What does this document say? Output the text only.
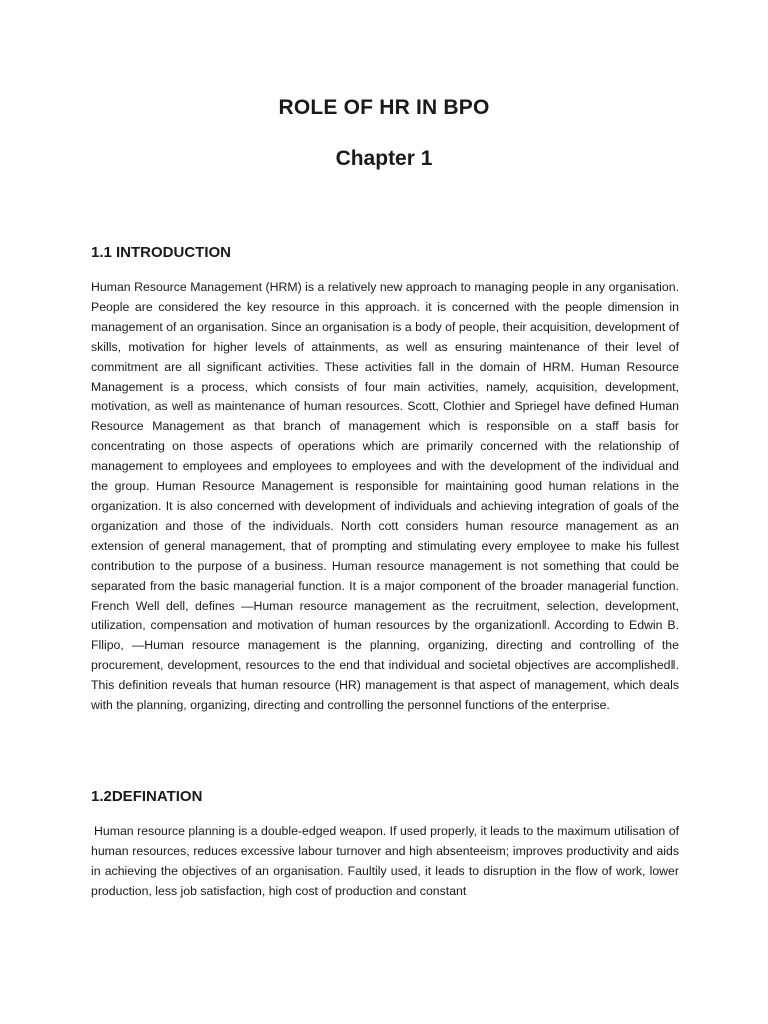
ROLE OF HR IN BPO
Chapter 1
1.1 INTRODUCTION

Human Resource Management (HRM) is a relatively new approach to managing people in any organisation. People are considered the key resource in this approach. it is concerned with the people dimension in management of an organisation. Since an organisation is a body of people, their acquisition, development of skills, motivation for higher levels of attainments, as well as ensuring maintenance of their level of commitment are all significant activities. These activities fall in the domain of HRM. Human Resource Management is a process, which consists of four main activities, namely, acquisition, development, motivation, as well as maintenance of human resources. Scott, Clothier and Spriegel have defined Human Resource Management as that branch of management which is responsible on a staff basis for concentrating on those aspects of operations which are primarily concerned with the relationship of management to employees and employees to employees and with the development of the individual and the group. Human Resource Management is responsible for maintaining good human relations in the organization. It is also concerned with development of individuals and achieving integration of goals of the organization and those of the individuals. North cott considers human resource management as an extension of general management, that of prompting and stimulating every employee to make his fullest contribution to the purpose of a business. Human resource management is not something that could be separated from the basic managerial function. It is a major component of the broader managerial function. French Well dell, defines —Human resource management as the recruitment, selection, development, utilization, compensation and motivation of human resources by the organization‖. According to Edwin B. Fllipo, —Human resource management is the planning, organizing, directing and controlling of the procurement, development, resources to the end that individual and societal objectives are accomplished‖. This definition reveals that human resource (HR) management is that aspect of management, which deals with the planning, organizing, directing and controlling the personnel functions of the enterprise.

1.2DEFINATION

Human resource planning is a double-edged weapon. If used properly, it leads to the maximum utilisation of human resources, reduces excessive labour turnover and high absenteeism; improves productivity and aids in achieving the objectives of an organisation. Faultily used, it leads to disruption in the flow of work, lower production, less job satisfaction, high cost of production and constant
